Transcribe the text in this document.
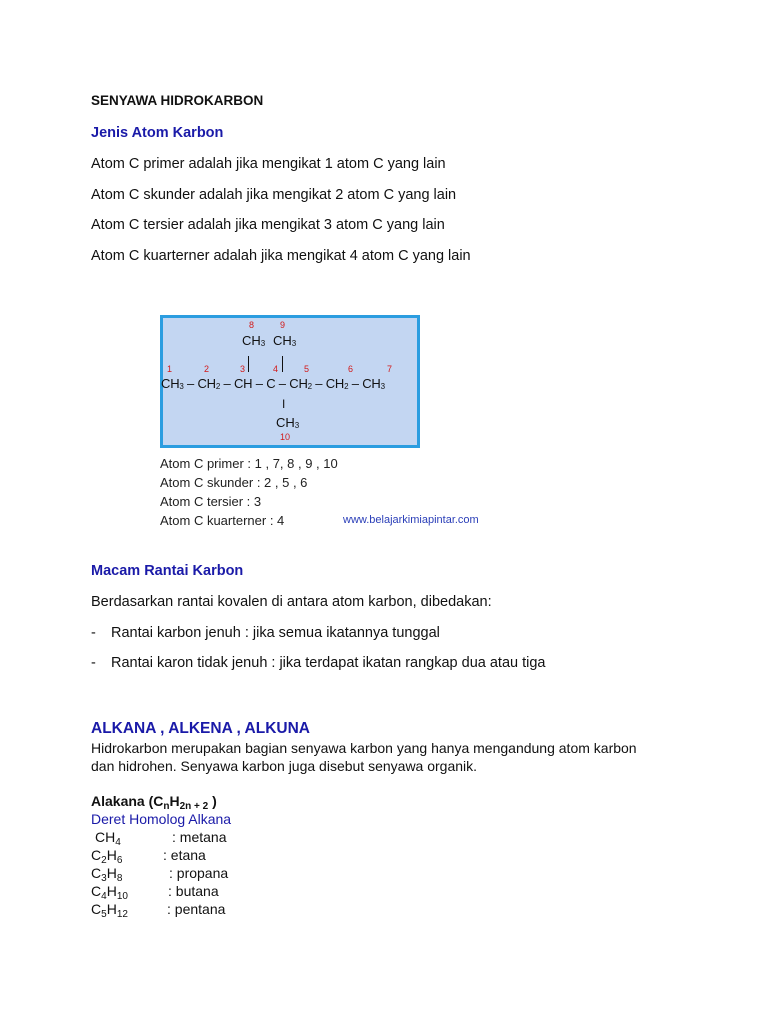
SENYAWA HIDROKARBON
Jenis Atom Karbon
Atom C primer adalah jika mengikat 1 atom C yang lain
Atom C skunder adalah jika mengikat 2 atom C yang lain
Atom C tersier adalah jika mengikat 3 atom C yang lain
Atom C kuarterner adalah jika mengikat 4 atom C yang lain
8	9
$CH_3$ $CH_3$
1	2	3	4	5	6	7
$CH_3 - CH_2$ – CH – C – $CH_2 - CH_2 - CH_3$
I
$CH_3$
10
Atom C primer : 1 , 7, 8 , 9 , 10
Atom C skunder : 2 , 5 , 6
Atom C tersier : 3
Atom C kuarterner : 4	www.belajarkimiapintar.com
Macam Rantai Karbon
Berdasarkan rantai kovalen di antara atom karbon, dibedakan:
- Rantai karbon jenuh : jika semua ikatannya tunggal
- Rantai karon tidak jenuh : jika terdapat ikatan rangkap dua atau tiga
ALKANA , ALKENA , ALKUNA
Hidrokarbon merupakan bagian senyawa karbon yang hanya mengandung atom karbon
dan hidrohen. Senyawa karbon juga disebut senyawa organik.
Alakana ($C_nH_{2n + 2}$ )
Deret Homolog Alkana
$CH_4$	: metana
$C_2H_6$	: etana
$C_3H_8$	: propana
$C_4H_{10}$	: butana
$C_5H_{12}$	: pentana
